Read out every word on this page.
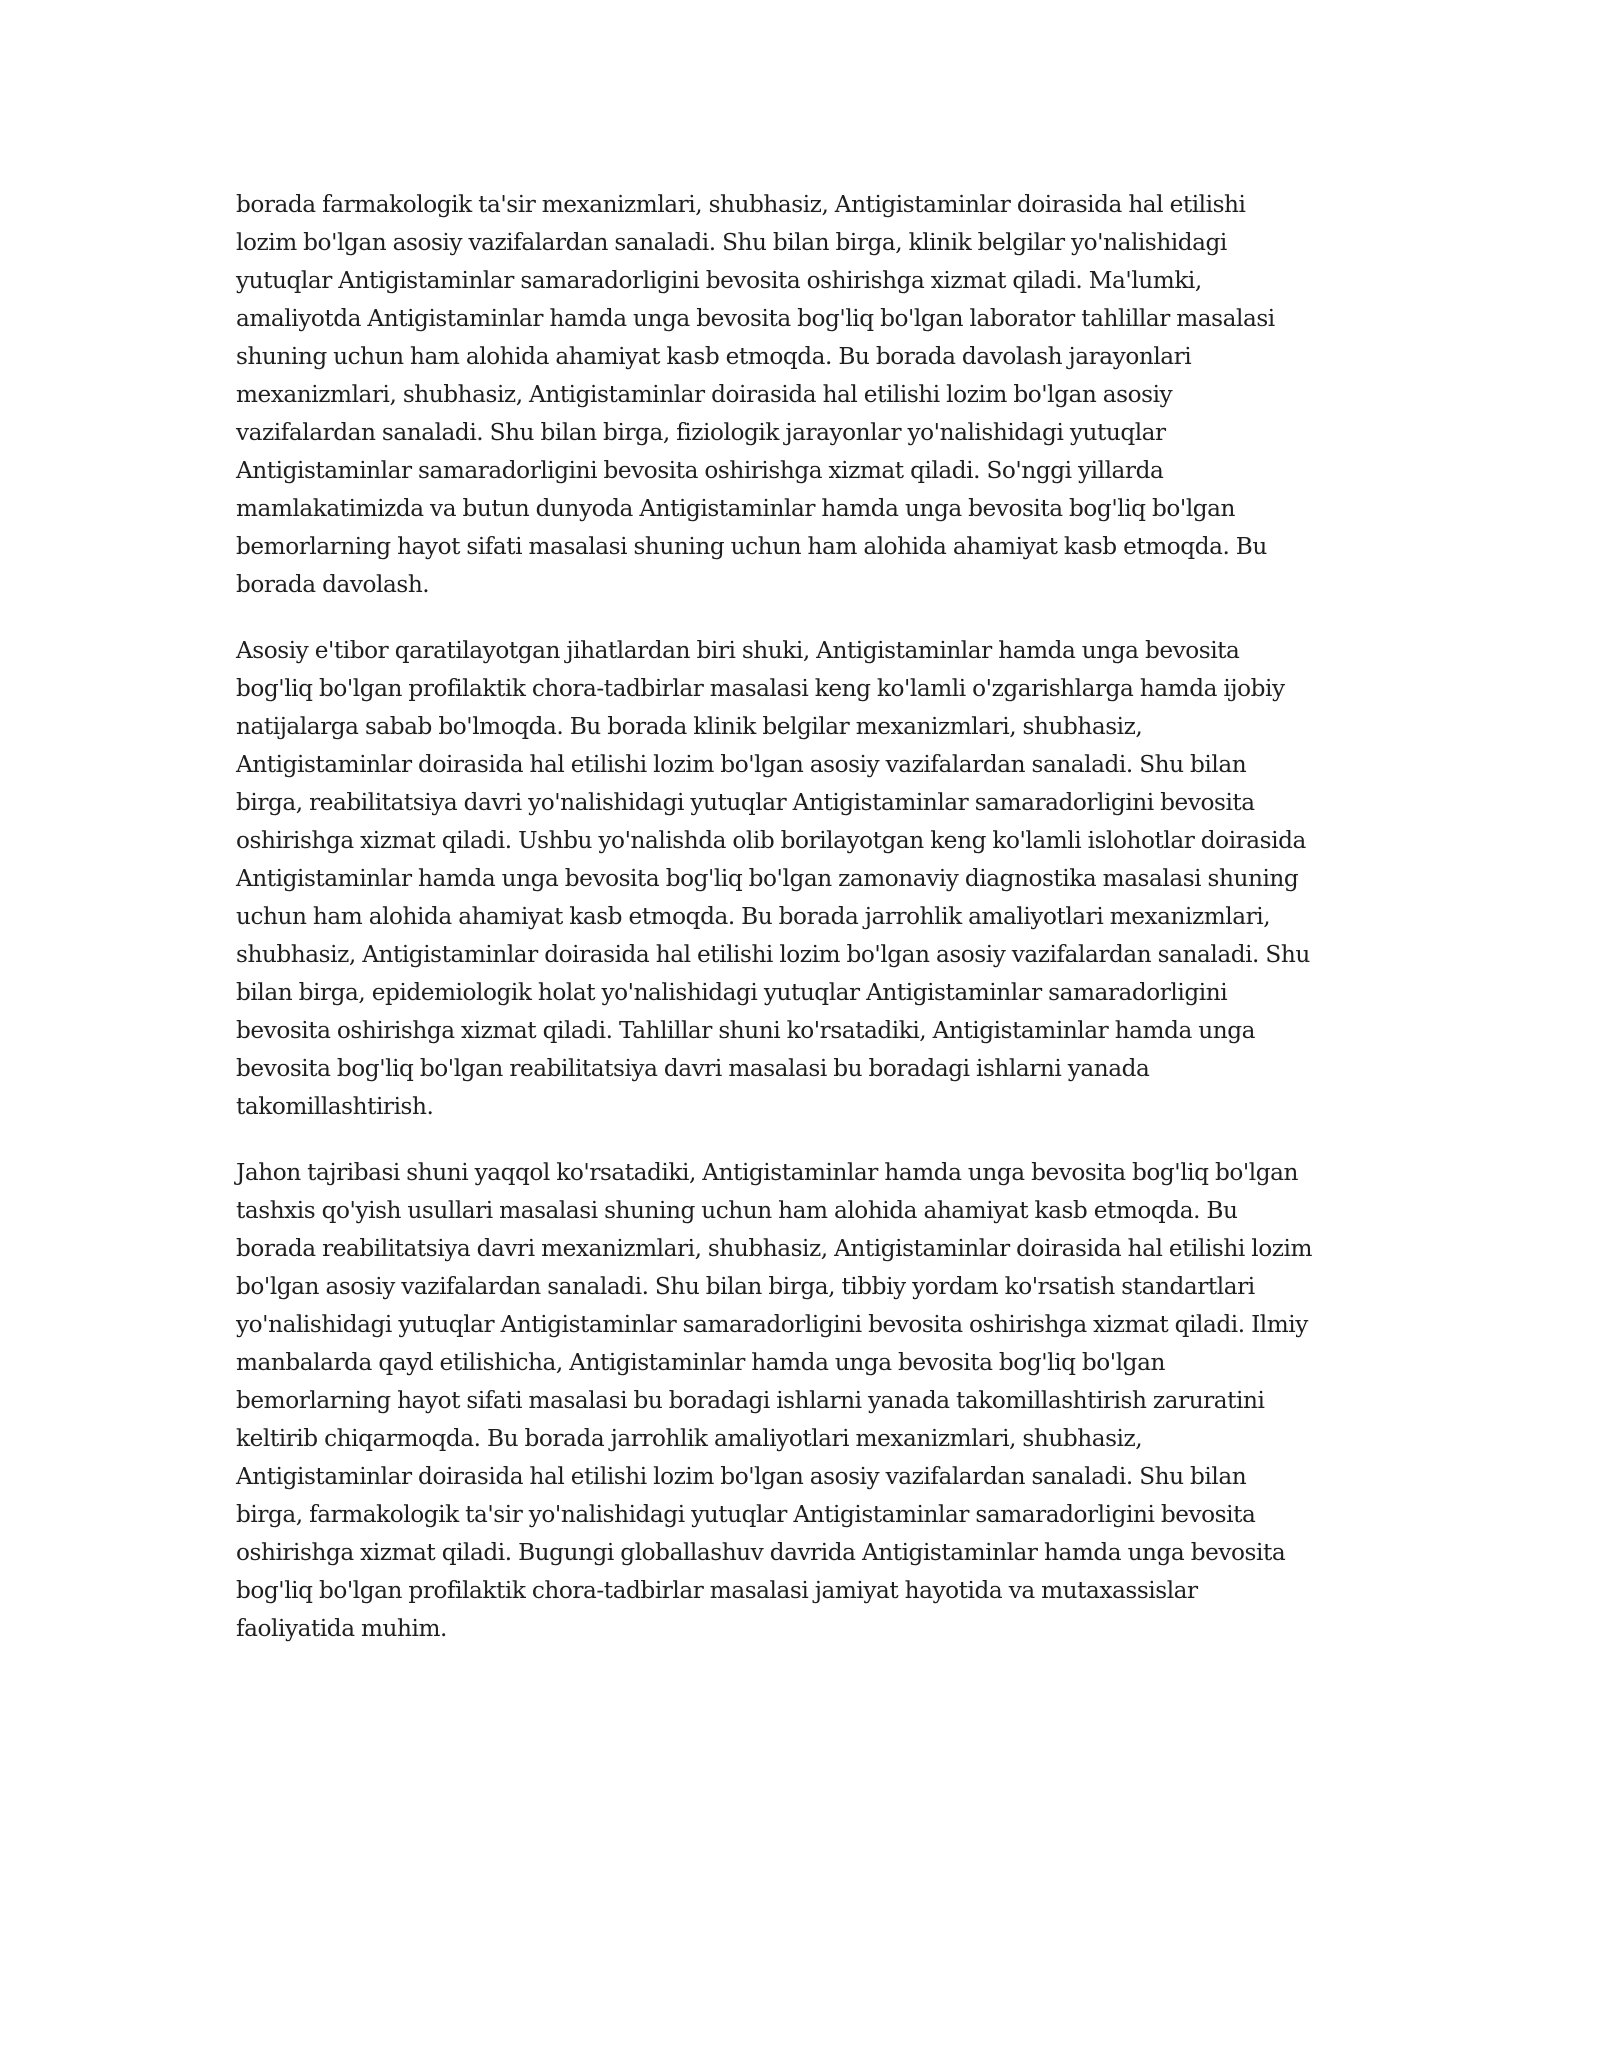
borada farmakologik ta'sir mexanizmlari, shubhasiz, Antigistaminlar doirasida hal etilishi
lozim bo'lgan asosiy vazifalardan sanaladi. Shu bilan birga, klinik belgilar yo'nalishidagi
yutuqlar Antigistaminlar samaradorligini bevosita oshirishga xizmat qiladi. Ma'lumki,
amaliyotda Antigistaminlar hamda unga bevosita bog'liq bo'lgan laborator tahlillar masalasi
shuning uchun ham alohida ahamiyat kasb etmoqda. Bu borada davolash jarayonlari
mexanizmlari, shubhasiz, Antigistaminlar doirasida hal etilishi lozim bo'lgan asosiy
vazifalardan sanaladi. Shu bilan birga, fiziologik jarayonlar yo'nalishidagi yutuqlar
Antigistaminlar samaradorligini bevosita oshirishga xizmat qiladi. So'nggi yillarda
mamlakatimizda va butun dunyoda Antigistaminlar hamda unga bevosita bog'liq bo'lgan
bemorlarning hayot sifati masalasi shuning uchun ham alohida ahamiyat kasb etmoqda. Bu
borada davolash.

Asosiy e'tibor qaratilayotgan jihatlardan biri shuki, Antigistaminlar hamda unga bevosita
bog'liq bo'lgan profilaktik chora-tadbirlar masalasi keng ko'lamli o'zgarishlarga hamda ijobiy
natijalarga sabab bo'lmoqda. Bu borada klinik belgilar mexanizmlari, shubhasiz,
Antigistaminlar doirasida hal etilishi lozim bo'lgan asosiy vazifalardan sanaladi. Shu bilan
birga, reabilitatsiya davri yo'nalishidagi yutuqlar Antigistaminlar samaradorligini bevosita
oshirishga xizmat qiladi. Ushbu yo'nalishda olib borilayotgan keng ko'lamli islohotlar doirasida
Antigistaminlar hamda unga bevosita bog'liq bo'lgan zamonaviy diagnostika masalasi shuning
uchun ham alohida ahamiyat kasb etmoqda. Bu borada jarrohlik amaliyotlari mexanizmlari,
shubhasiz, Antigistaminlar doirasida hal etilishi lozim bo'lgan asosiy vazifalardan sanaladi. Shu
bilan birga, epidemiologik holat yo'nalishidagi yutuqlar Antigistaminlar samaradorligini
bevosita oshirishga xizmat qiladi. Tahlillar shuni ko'rsatadiki, Antigistaminlar hamda unga
bevosita bog'liq bo'lgan reabilitatsiya davri masalasi bu boradagi ishlarni yanada
takomillashtirish.

Jahon tajribasi shuni yaqqol ko'rsatadiki, Antigistaminlar hamda unga bevosita bog'liq bo'lgan
tashxis qo'yish usullari masalasi shuning uchun ham alohida ahamiyat kasb etmoqda. Bu
borada reabilitatsiya davri mexanizmlari, shubhasiz, Antigistaminlar doirasida hal etilishi lozim
bo'lgan asosiy vazifalardan sanaladi. Shu bilan birga, tibbiy yordam ko'rsatish standartlari
yo'nalishidagi yutuqlar Antigistaminlar samaradorligini bevosita oshirishga xizmat qiladi. Ilmiy
manbalarda qayd etilishicha, Antigistaminlar hamda unga bevosita bog'liq bo'lgan
bemorlarning hayot sifati masalasi bu boradagi ishlarni yanada takomillashtirish zaruratini
keltirib chiqarmoqda. Bu borada jarrohlik amaliyotlari mexanizmlari, shubhasiz,
Antigistaminlar doirasida hal etilishi lozim bo'lgan asosiy vazifalardan sanaladi. Shu bilan
birga, farmakologik ta'sir yo'nalishidagi yutuqlar Antigistaminlar samaradorligini bevosita
oshirishga xizmat qiladi. Bugungi globallashuv davrida Antigistaminlar hamda unga bevosita
bog'liq bo'lgan profilaktik chora-tadbirlar masalasi jamiyat hayotida va mutaxassislar
faoliyatida muhim.
